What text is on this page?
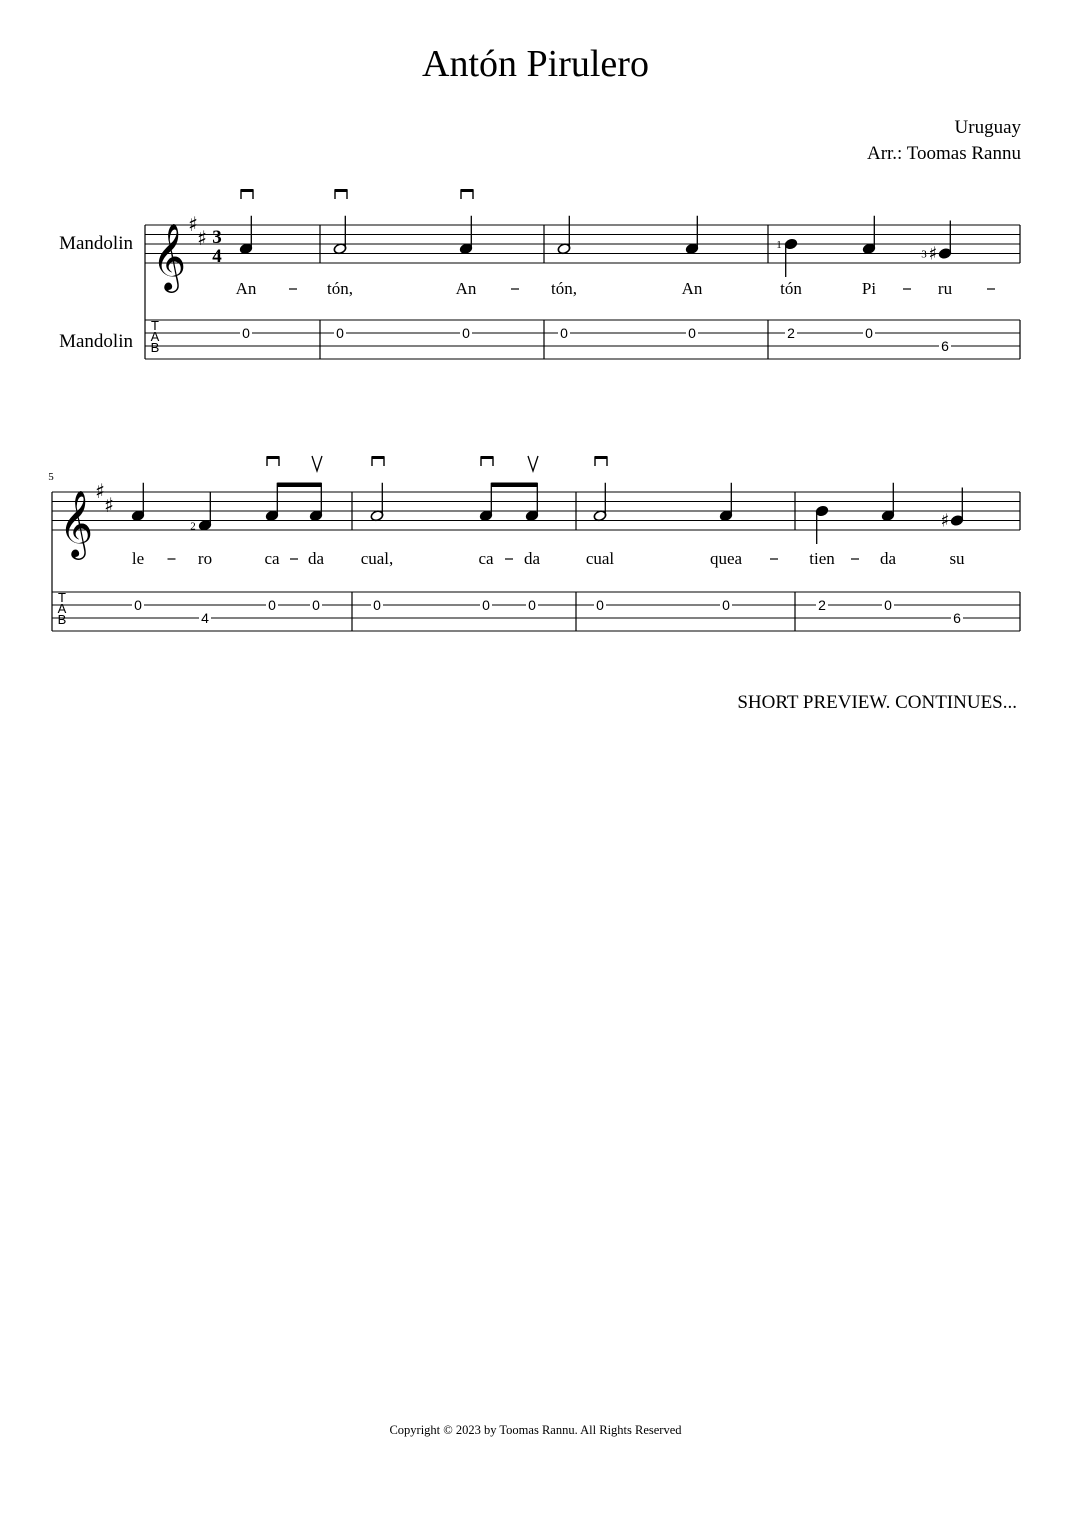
Antón Pirulero
Uruguay
Arr.: Toomas Rannu
Mandolin
Mandolin
𝄞 ♯
♯ 3
4
T
A
B
0
An
0
tón,
0
An
0
tón,
0
An
1
2
tón
0
Pi
♯
3
6
ru
5
𝄞 ♯
♯
T
A
B
0
le
2
4
ro
0
ca
0
da
0
cual,
0
ca
0
da
0
cual
0
quea
2
tien
0
da
♯
6
su
SHORT PREVIEW. CONTINUES...
Copyright © 2023 by Toomas Rannu. All Rights Reserved
